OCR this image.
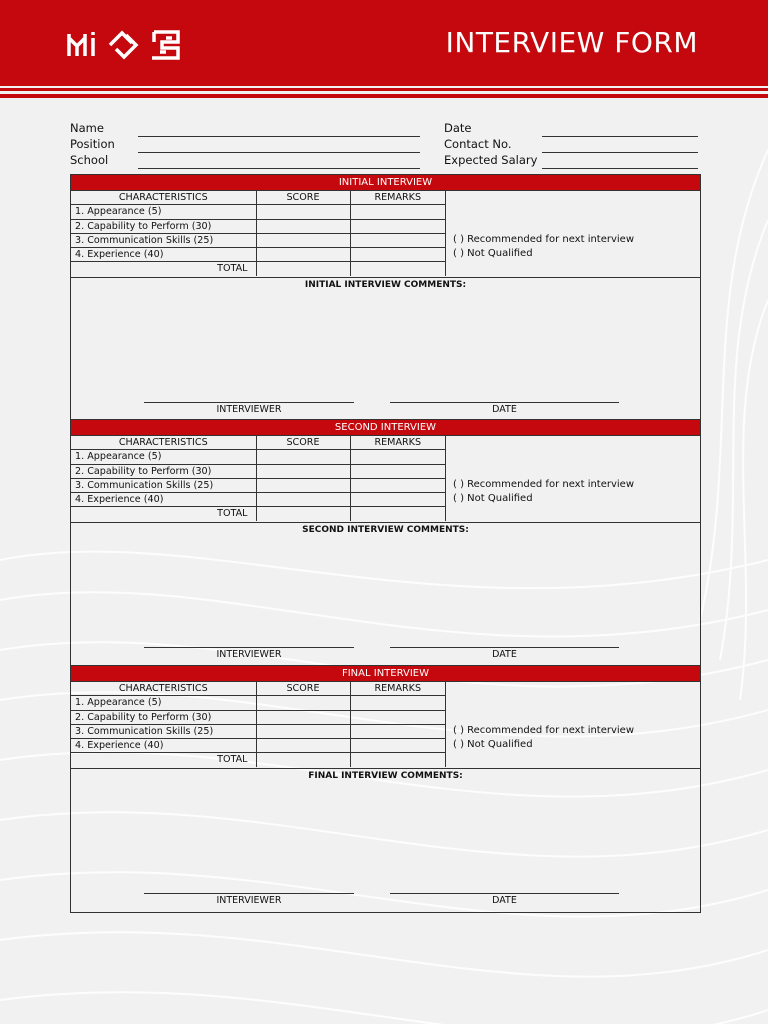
INTERVIEW FORM
Name
Position
School
Date
Contact No.
Expected Salary
INITIAL INTERVIEW
CHARACTERISTICS	SCORE	REMARKS
1. Appearance (5)		
2. Capability to Perform (30)		
3. Communication Skills (25)		
4. Experience (40)		
TOTAL		
( ) Recommended for next interview
( ) Not Qualified
INITIAL INTERVIEW COMMENTS:
INTERVIEWER	DATE
SECOND INTERVIEW
CHARACTERISTICS	SCORE	REMARKS
1. Appearance (5)		
2. Capability to Perform (30)		
3. Communication Skills (25)		
4. Experience (40)		
TOTAL		
( ) Recommended for next interview
( ) Not Qualified
SECOND INTERVIEW COMMENTS:
INTERVIEWER	DATE
FINAL INTERVIEW
CHARACTERISTICS	SCORE	REMARKS
1. Appearance (5)		
2. Capability to Perform (30)		
3. Communication Skills (25)		
4. Experience (40)		
TOTAL		
( ) Recommended for next interview
( ) Not Qualified
FINAL INTERVIEW COMMENTS:
INTERVIEWER	DATE
